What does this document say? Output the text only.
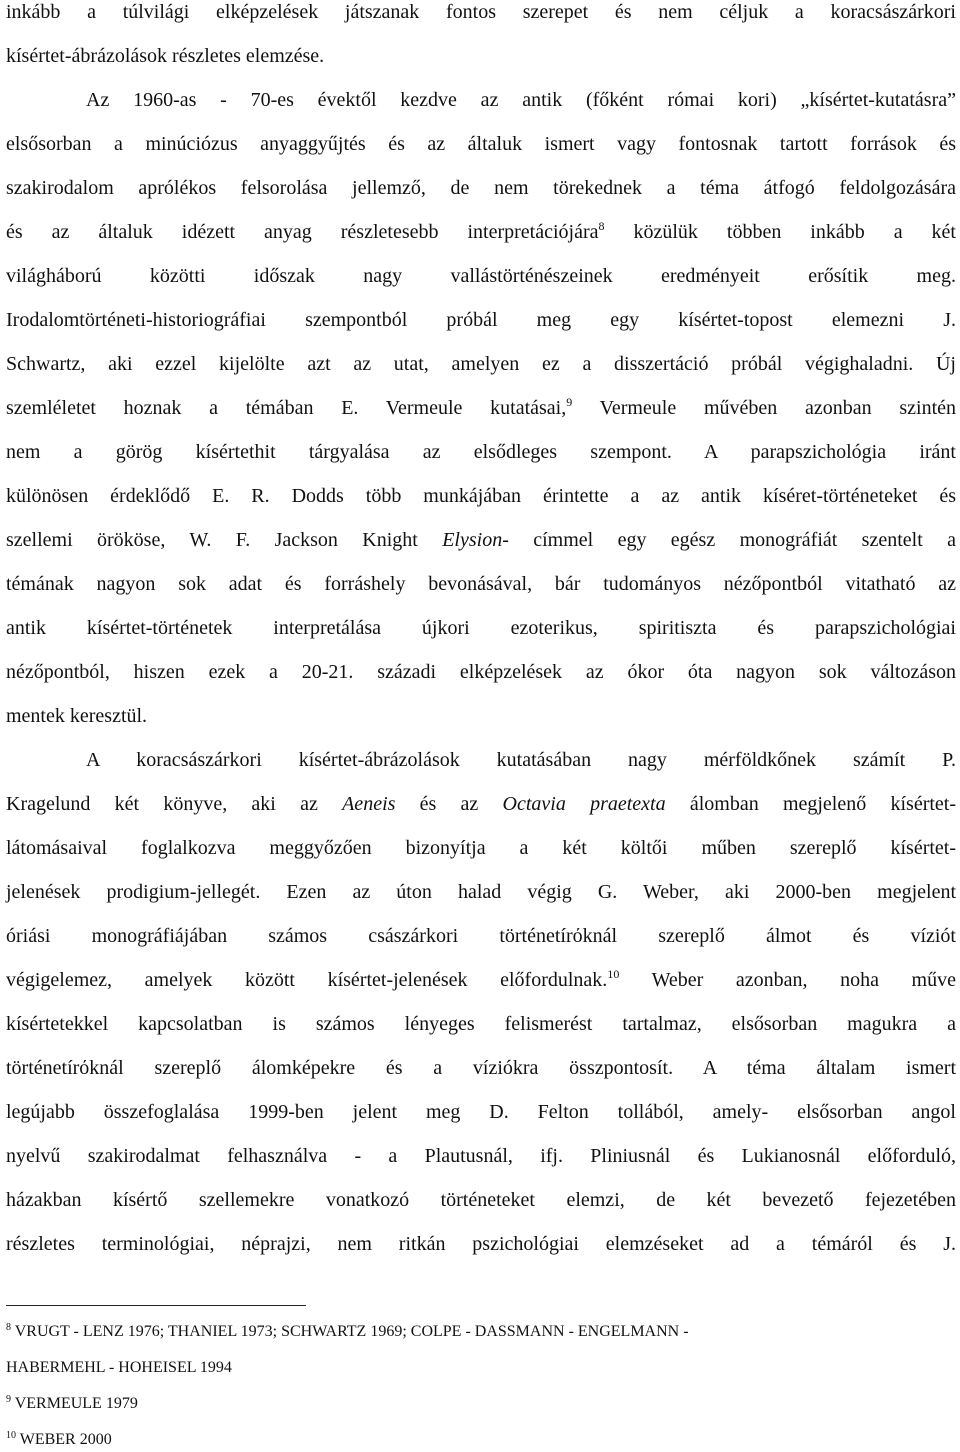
inkább a túlvilági elképzelések játszanak fontos szerepet és nem céljuk a koracsászárkori
kísértet-ábrázolások részletes elemzése.
Az 1960-as - 70-es évektől kezdve az antik (főként római kori) „kísértet-kutatásra”
elsősorban a minúciózus anyaggyűjtés és az általuk ismert vagy fontosnak tartott források és
szakirodalom aprólékos felsorolása jellemző, de nem törekednek a téma átfogó feldolgozására
és az általuk idézett anyag részletesebb interpretációjára$^8$ közülük többen inkább a két
világháború közötti időszak nagy vallástörténészeinek eredményeit erősítik meg.
Irodalomtörténeti-historiográfiai szempontból próbál meg egy kísértet-topost elemezni J.
Schwartz, aki ezzel kijelölte azt az utat, amelyen ez a disszertáció próbál végighaladni. Új
szemléletet hoznak a témában E. Vermeule kutatásai,$^9$ Vermeule művében azonban szintén
nem a görög kísértethit tárgyalása az elsődleges szempont. A parapszichológia iránt
különösen érdeklődő E. R. Dodds több munkájában érintette a az antik kíséret-történeteket és
szellemi örököse, W. F. Jackson Knight Elysion- címmel egy egész monográfiát szentelt a
témának nagyon sok adat és forráshely bevonásával, bár tudományos nézőpontból vitatható az
antik kísértet-történetek interpretálása újkori ezoterikus, spiritiszta és parapszichológiai
nézőpontból, hiszen ezek a 20-21. századi elképzelések az ókor óta nagyon sok változáson
mentek keresztül.
A koracsászárkori kísértet-ábrázolások kutatásában nagy mérföldkőnek számít P.
Kragelund két könyve, aki az Aeneis és az Octavia praetexta álomban megjelenő kísértet-
látomásaival foglalkozva meggyőzően bizonyítja a két költői műben szereplő kísértet-
jelenések prodigium-jellegét. Ezen az úton halad végig G. Weber, aki 2000-ben megjelent
óriási monográfiájában számos császárkori történetírόknál szereplő álmot és víziót
végigelemez, amelyek között kísértet-jelenések előfordulnak.$^{10}$ Weber azonban, noha műve
kísértetekkel kapcsolatban is számos lényeges felismerést tartalmaz, elsősorban magukra a
történetírόknál szereplő álomképekre és a víziókra összpontosít. A téma általam ismert
legújabb összefoglalása 1999-ben jelent meg D. Felton tollából, amely- elsősorban angol
nyelvű szakirodalmat felhasználva - a Plautusnál, ifj. Pliniusnál és Lukianosnál előforduló,
házakban kísértő szellemekre vonatkozó történeteket elemzi, de két bevezető fejezetében
részletes terminológiai, néprajzi, nem ritkán pszichológiai elemzéseket ad a témáról és J.
$^8$ VRUGT - LENZ 1976; THANIEL 1973; SCHWARTZ 1969; COLPE - DASSMANN - ENGELMANN -
HABERMEHL - HOHEISEL 1994
$^9$ VERMEULE 1979
$^{10}$ WEBER 2000
